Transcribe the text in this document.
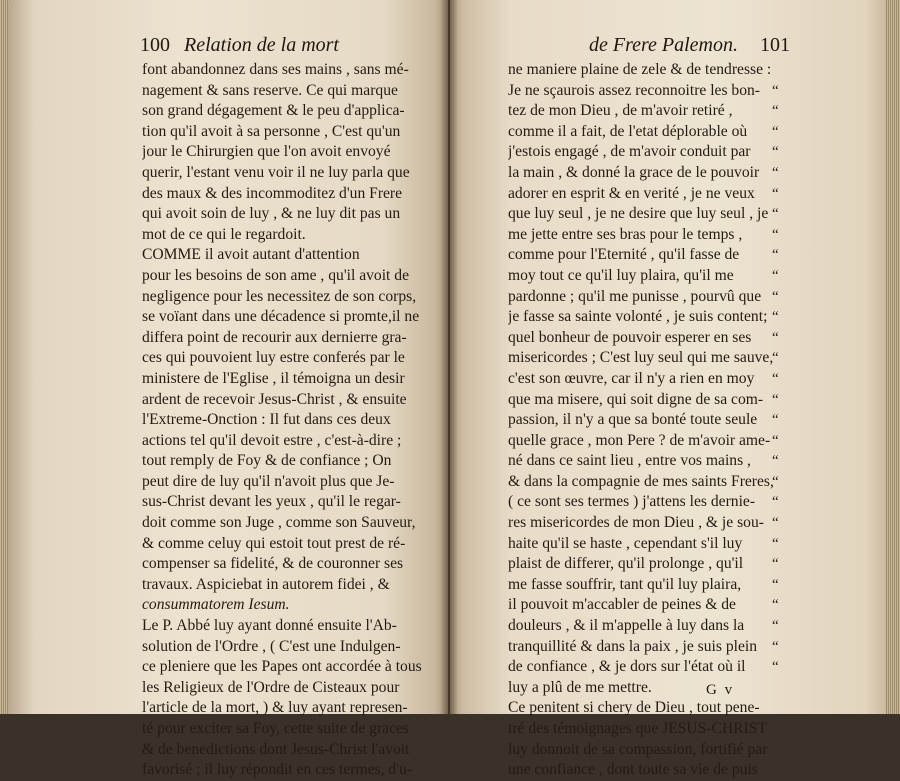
100 Relation de la mort	de Frere Palemon. 101
font abandonnez dans ses mains , sans mé-
nagement & sans reserve. Ce qui marque
son grand dégagement & le peu d'applica-
tion qu'il avoit à sa personne , C'est qu'un
jour le Chirurgien que l'on avoit envoyé
querir, l'estant venu voir il ne luy parla que
des maux & des incommoditez d'un Frere
qui avoit soin de luy , & ne luy dit pas un
mot de ce qui le regardoit.
COMME il avoit autant d'attention
pour les besoins de son ame , qu'il avoit de
negligence pour les necessitez de son corps,
se voïant dans une décadence si promte,il ne
differa point de recourir aux dernierre gra-
ces qui pouvoient luy estre conferés par le
ministere de l'Eglise , il témoigna un desir
ardent de recevoir Jesus-Christ , & ensuite
l'Extreme-Onction : Il fut dans ces deux
actions tel qu'il devoit estre , c'est-à-dire ;
tout remply de Foy & de confiance ; On
peut dire de luy qu'il n'avoit plus que Je-
sus-Christ devant les yeux , qu'il le regar-
doit comme son Juge , comme son Sauveur,
& comme celuy qui estoit tout prest de ré-
compenser sa fidelité, & de couronner ses
travaux. Aspiciebat in autorem fidei , &
consummatorem Iesum.
Le P. Abbé luy ayant donné ensuite l'Ab-
solution de l'Ordre , ( C'est une Indulgen-
ce pleniere que les Papes ont accordée à tous
les Religieux de l'Ordre de Cisteaux pour
l'article de la mort, ) & luy ayant represen-
té pour exciter sa Foy, cette suite de graces
& de benedictions dont Jesus-Christ l'avoit
favorisé ; il luy répondit en ces termes, d'u-
ne maniere plaine de zele & de tendresse :
Je ne sçaurois assez reconnoitre les bon-
tez de mon Dieu , de m'avoir retiré ,
comme il a fait, de l'etat déplorable où
j'estois engagé , de m'avoir conduit par
la main , & donné la grace de le pouvoir
adorer en esprit & en verité , je ne veux
que luy seul , je ne desire que luy seul , je
me jette entre ses bras pour le temps ,
comme pour l'Eternité , qu'il fasse de
moy tout ce qu'il luy plaira, qu'il me
pardonne ; qu'il me punisse , pourvû que
je fasse sa sainte volonté , je suis content;
quel bonheur de pouvoir esperer en ses
misericordes ; C'est luy seul qui me sauve,
c'est son œuvre, car il n'y a rien en moy
que ma misere, qui soit digne de sa com-
passion, il n'y a que sa bonté toute seule
quelle grace , mon Pere ? de m'avoir ame-
né dans ce saint lieu , entre vos mains ,
& dans la compagnie de mes saints Freres,
( ce sont ses termes ) j'attens les dernie-
res misericordes de mon Dieu , & je sou-
haite qu'il se haste , cependant s'il luy
plaist de differer, qu'il prolonge , qu'il
me fasse souffrir, tant qu'il luy plaira,
il pouvoit m'accabler de peines & de
douleurs , & il m'appelle à luy dans la
tranquillité & dans la paix , je suis plein
de confiance , & je dors sur l'état où il
luy a plû de me mettre.
Ce penitent si chery de Dieu , tout pene-
tré des témoignages que JESUS-CHRIST
luy donnoit de sa compassion, fortifié par
une confiance , dont toute sa vie de puis
“
“
“
“
“
“
“
“
“
“
“
“
“
“
“
“
“
“
“
“
“
“
“
“
“
“
“
“
“
G v
